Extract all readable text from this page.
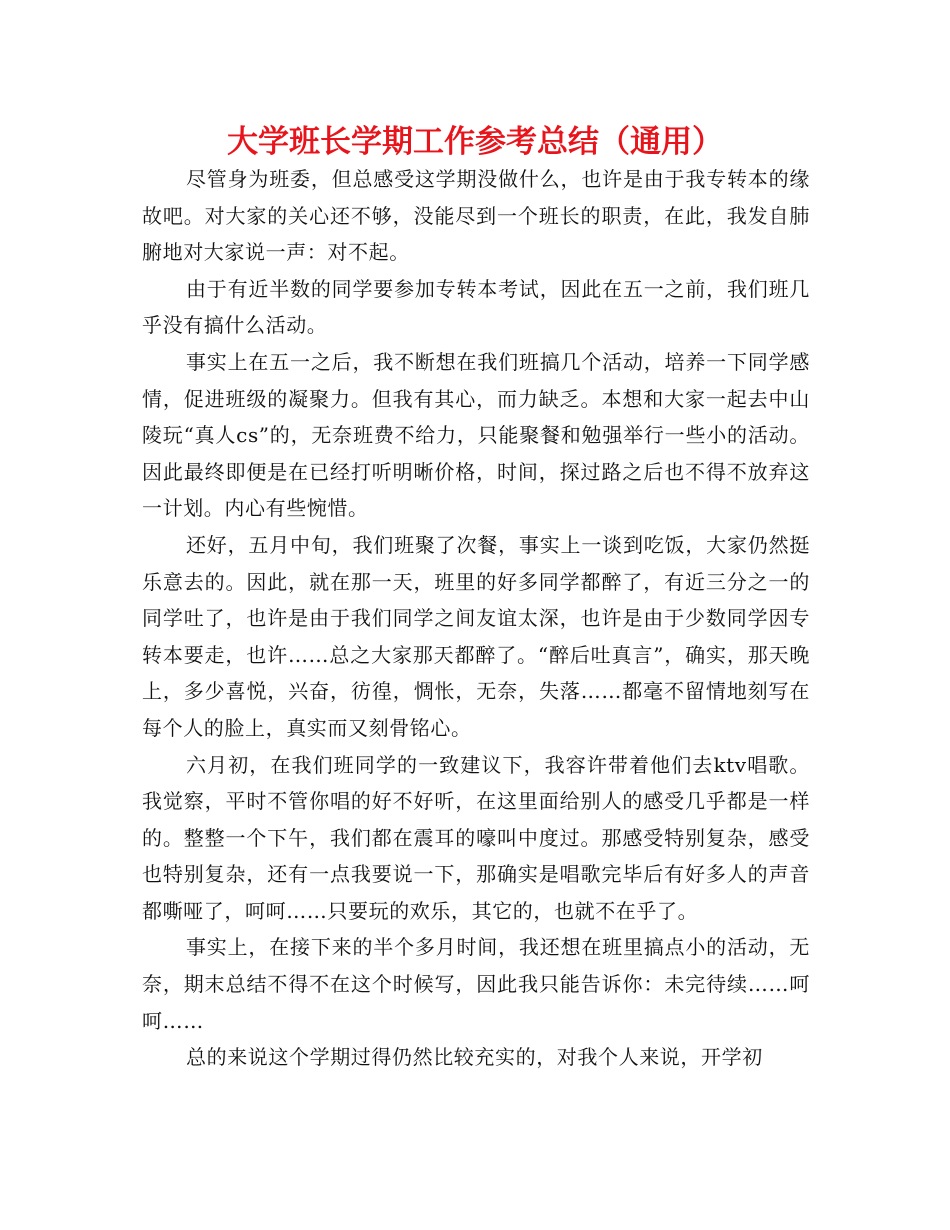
大学班长学期工作参考总结（通用）

尽管身为班委，但总感受这学期没做什么，也许是由于我专转本的缘故吧。对大家的关心还不够，没能尽到一个班长的职责，在此，我发自肺腑地对大家说一声：对不起。

由于有近半数的同学要参加专转本考试，因此在五一之前，我们班几乎没有搞什么活动。

事实上在五一之后，我不断想在我们班搞几个活动，培养一下同学感情，促进班级的凝聚力。但我有其心，而力缺乏。本想和大家一起去中山陵玩“真人cs”的，无奈班费不给力，只能聚餐和勉强举行一些小的活动。因此最终即便是在已经打听明晰价格，时间，探过路之后也不得不放弃这一计划。内心有些惋惜。

还好，五月中旬，我们班聚了次餐，事实上一谈到吃饭，大家仍然挺乐意去的。因此，就在那一天，班里的好多同学都醉了，有近三分之一的同学吐了，也许是由于我们同学之间友谊太深，也许是由于少数同学因专转本要走，也许……总之大家那天都醉了。“醉后吐真言”，确实，那天晚上，多少喜悦，兴奋，彷徨，惆怅，无奈，失落……都毫不留情地刻写在每个人的脸上，真实而又刻骨铭心。

六月初，在我们班同学的一致建议下，我容许带着他们去ktv唱歌。我觉察，平时不管你唱的好不好听，在这里面给别人的感受几乎都是一样的。整整一个下午，我们都在震耳的嚎叫中度过。那感受特别复杂，感受也特别复杂，还有一点我要说一下，那确实是唱歌完毕后有好多人的声音都嘶哑了，呵呵……只要玩的欢乐，其它的，也就不在乎了。

事实上，在接下来的半个多月时间，我还想在班里搞点小的活动，无奈，期末总结不得不在这个时候写，因此我只能告诉你：未完待续……呵呵……

总的来说这个学期过得仍然比较充实的，对我个人来说，开学初
